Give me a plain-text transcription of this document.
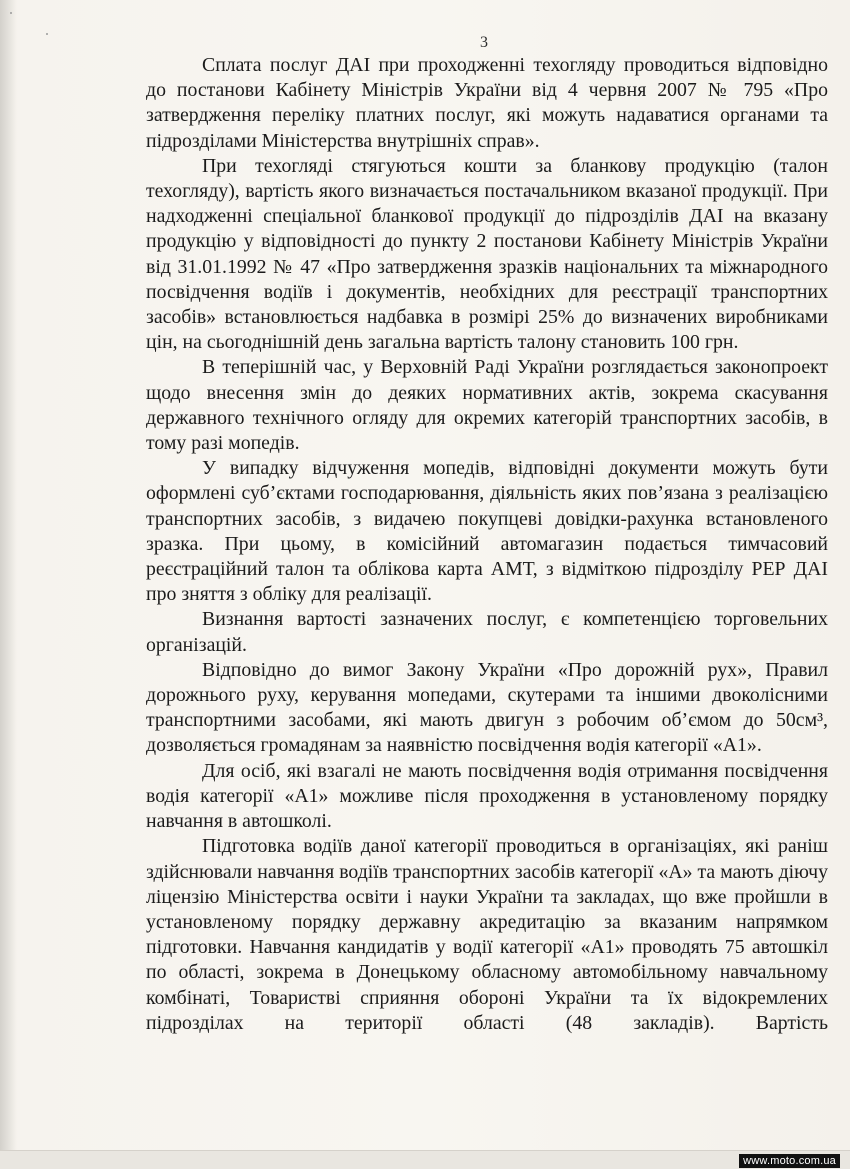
3

Сплата послуг ДАІ при проходженні техогляду проводиться відповідно до постанови Кабінету Міністрів України від 4 червня 2007 № 795 «Про затвердження переліку платних послуг, які можуть надаватися органами та підрозділами Міністерства внутрішніх справ».

При техогляді стягуються кошти за бланкову продукцію (талон техогляду), вартість якого визначається постачальником вказаної продукції. При надходженні спеціальної бланкової продукції до підрозділів ДАІ на вказану продукцію у відповідності до пункту 2 постанови Кабінету Міністрів України від 31.01.1992 № 47 «Про затвердження зразків національних та міжнародного посвідчення водіїв і документів, необхідних для реєстрації транспортних засобів» встановлюється надбавка в розмірі 25% до визначених виробниками цін, на сьогоднішній день загальна вартість талону становить 100 грн.

В теперішній час, у Верховній Раді України розглядається законопроект щодо внесення змін до деяких нормативних актів, зокрема скасування державного технічного огляду для окремих категорій транспортних засобів, в тому разі мопедів.

У випадку відчуження мопедів, відповідні документи можуть бути оформлені суб’єктами господарювання, діяльність яких пов’язана з реалізацією транспортних засобів, з видачею покупцеві довідки-рахунка встановленого зразка. При цьому, в комісійний автомагазин подається тимчасовий реєстраційний талон та облікова карта АМТ, з відміткою підрозділу РЕР ДАІ про зняття з обліку для реалізації.

Визнання вартості зазначених послуг, є компетенцією торговельних організацій.

Відповідно до вимог Закону України «Про дорожній рух», Правил дорожнього руху, керування мопедами, скутерами та іншими двоколісними транспортними засобами, які мають двигун з робочим об’ємом до 50см³, дозволяється громадянам за наявністю посвідчення водія категорії «А1».

Для осіб, які взагалі не мають посвідчення водія отримання посвідчення водія категорії «А1» можливе після проходження в установленому порядку навчання в автошколі.

Підготовка водіїв даної категорії проводиться в організаціях, які раніш здійснювали навчання водіїв транспортних засобів категорії «А» та мають діючу ліцензію Міністерства освіти і науки України та закладах, що вже пройшли в установленому порядку державну акредитацію за вказаним напрямком підготовки. Навчання кандидатів у водії категорії «А1» проводять 75 автошкіл по області, зокрема в Донецькому обласному автомобільному навчальному комбінаті, Товаристві сприяння обороні України та їх відокремлених підрозділах на території області (48 закладів). Вартість

www.moto.com.ua
